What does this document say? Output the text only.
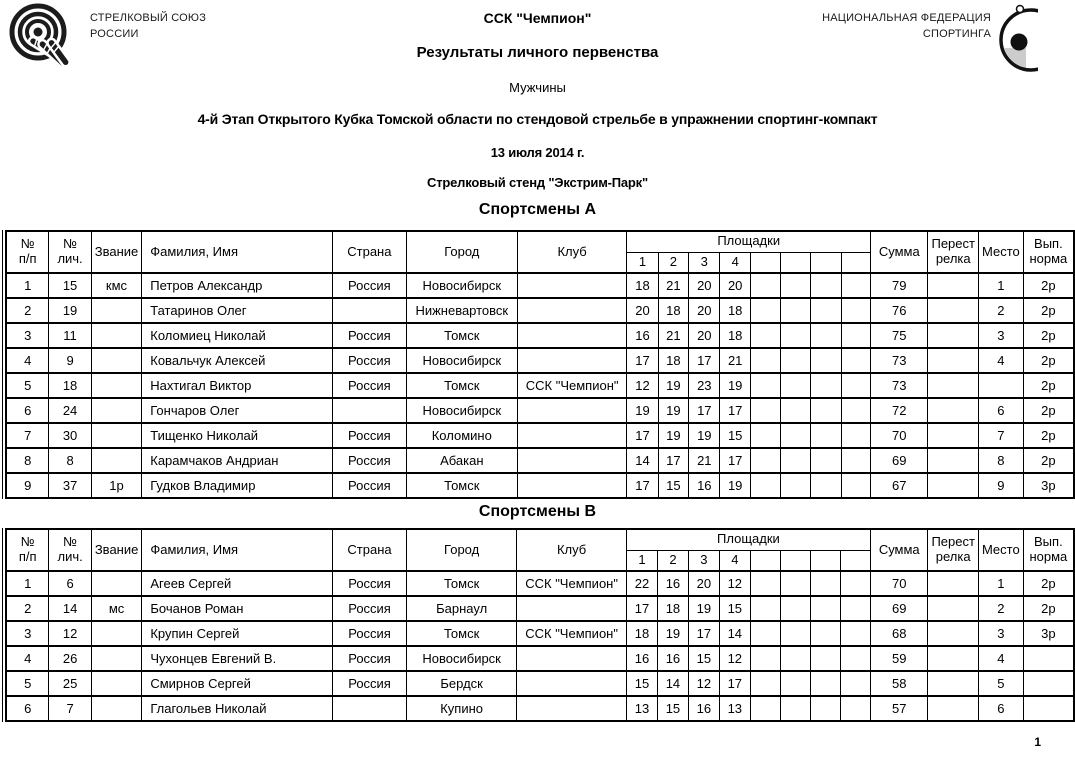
СТРЕЛКОВЫЙ СОЮЗ
РОССИИ
НАЦИОНАЛЬНАЯ ФЕДЕРАЦИЯ
СПОРТИНГА
ССК "Чемпион"
Результаты личного первенства
Мужчины
4-й Этап Открытого Кубка Томской области по стендовой стрельбе в упражнении спортинг-компакт
13 июля 2014 г.
Стрелковый стенд "Экстрим-Парк"
Спортсмены А
№
п/п	№
лич.	Звание	Фамилия, Имя	Страна	Город	Клуб	Площадки								Сумма	Перест
релка	Место	Вып.
норма

							1	2	3	4								
1	15	кмс	Петров Александр	Россия	Новосибирск		18	21	20	20					79		1	2р
2	19		Татаринов Олег		Нижневартовск		20	18	20	18					76		2	2р
3	11		Коломиец Николай	Россия	Томск		16	21	20	18					75		3	2р
4	9		Ковальчук Алексей	Россия	Новосибирск		17	18	17	21					73		4	2р
5	18		Нахтигал Виктор	Россия	Томск	ССК "Чемпион"	12	19	23	19					73			2р
6	24		Гончаров Олег		Новосибирск		19	19	17	17					72		6	2р
7	30		Тищенко Николай	Россия	Коломино		17	19	19	15					70		7	2р
8	8		Карамчаков Андриан	Россия	Абакан		14	17	21	17					69		8	2р
9	37	1р	Гудков Владимир	Россия	Томск		17	15	16	19					67		9	3р
Спортсмены В
№
п/п	№
лич.	Звание	Фамилия, Имя	Страна	Город	Клуб	Площадки								Сумма	Перест
релка	Место	Вып.
норма

							1	2	3	4								
1	6		Агеев Сергей	Россия	Томск	ССК "Чемпион"	22	16	20	12					70		1	2р
2	14	мс	Бочанов Роман	Россия	Барнаул		17	18	19	15					69		2	2р
3	12		Крупин Сергей	Россия	Томск	ССК "Чемпион"	18	19	17	14					68		3	3р
4	26		Чухонцев Евгений В.	Россия	Новосибирск		16	16	15	12					59		4	
5	25		Смирнов Сергей	Россия	Бердск		15	14	12	17					58		5	
6	7		Глагольев Николай		Купино		13	15	16	13					57		6	
1
